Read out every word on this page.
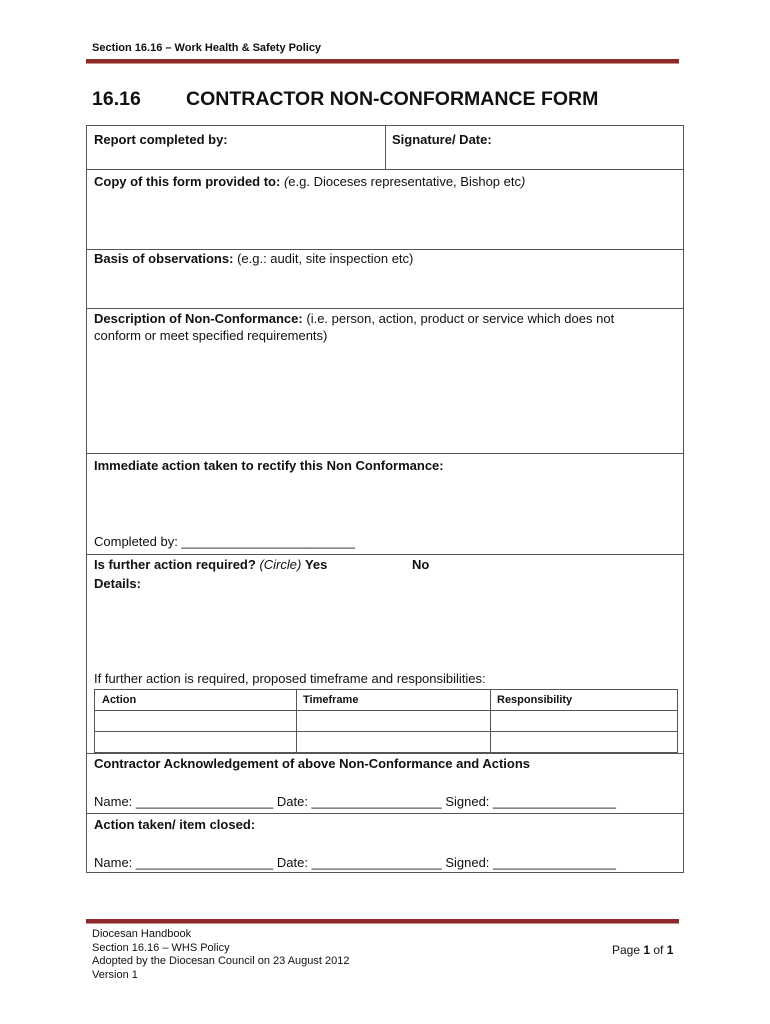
Section 16.16 – Work Health & Safety Policy
16.16 CONTRACTOR NON-CONFORMANCE FORM
Report completed by:	Signature/ Date:
Copy of this form provided to: (e.g. Dioceses representative, Bishop etc)
Basis of observations: (e.g.: audit, site inspection etc)
Description of Non-Conformance: (i.e. person, action, product or service which does not
conform or meet specified requirements)
Immediate action taken to rectify this Non Conformance:
Completed by: ________________________
Is further action required? (Circle) Yes	No
Details:
If further action is required, proposed timeframe and responsibilities:
Action	Timeframe	Responsibility
Contractor Acknowledgement of above Non-Conformance and Actions
Name: ___________________ Date: __________________ Signed: _________________
Action taken/ item closed:
Name: ___________________ Date: __________________ Signed: _________________
Diocesan Handbook
Section 16.16 – WHS Policy
Adopted by the Diocesan Council on 23 August 2012
Version 1
Page 1 of 1
